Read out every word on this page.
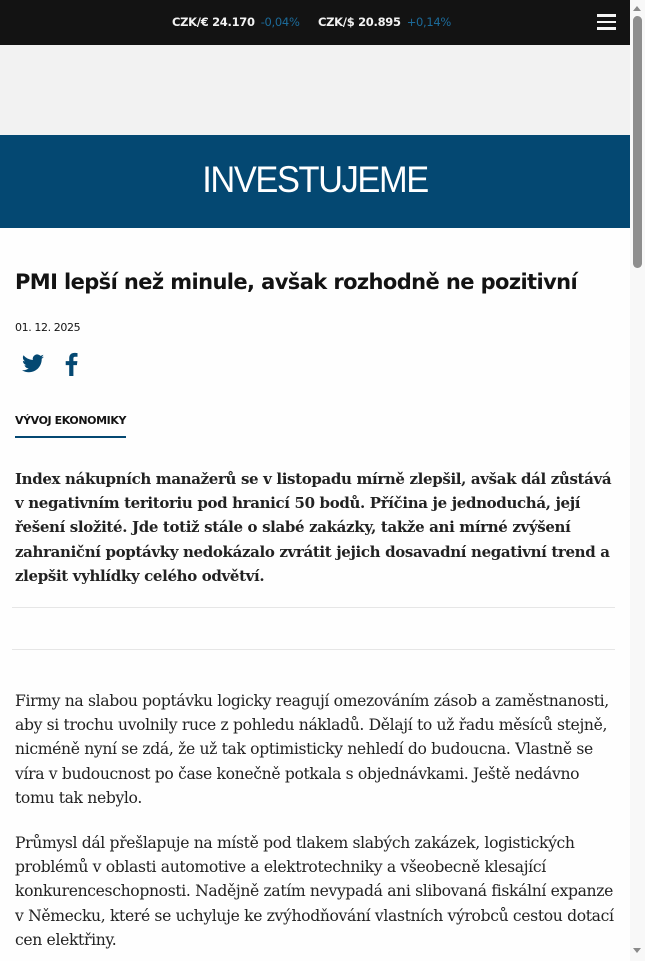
CZK/€ 24.170 -0,04% CZK/$ 20.895 +0,14%
INVESTUJEME
PMI lepší než minule, avšak rozhodně ne pozitivní
01. 12. 2025
VÝVOJ EKONOMIKY

Index nákupních manažerů se v listopadu mírně zlepšil, avšak dál zůstává v negativním teritoriu pod hranicí 50 bodů. Příčina je jednoduchá, její řešení složité. Jde totiž stále o slabé zakázky, takže ani mírné zvýšení zahraniční poptávky nedokázalo zvrátit jejich dosavadní negativní trend a zlepšit vyhlídky celého odvětví.

Firmy na slabou poptávku logicky reagují omezováním zásob a zaměstnanosti, aby si trochu uvolnily ruce z pohledu nákladů. Dělají to už řadu měsíců stejně, nicméně nyní se zdá, že už tak optimisticky nehledí do budoucna. Vlastně se víra v budoucnost po čase konečně potkala s objednávkami. Ještě nedávno tomu tak nebylo.

Průmysl dál přešlapuje na místě pod tlakem slabých zakázek, logistických problémů v oblasti automotive a elektrotechniky a všeobecně klesající konkurenceschopnosti. Nadějně zatím nevypadá ani slibovaná fiskální expanze v Německu, které se uchyluje ke zvýhodňování vlastních výrobců cestou dotací cen elektřiny.
